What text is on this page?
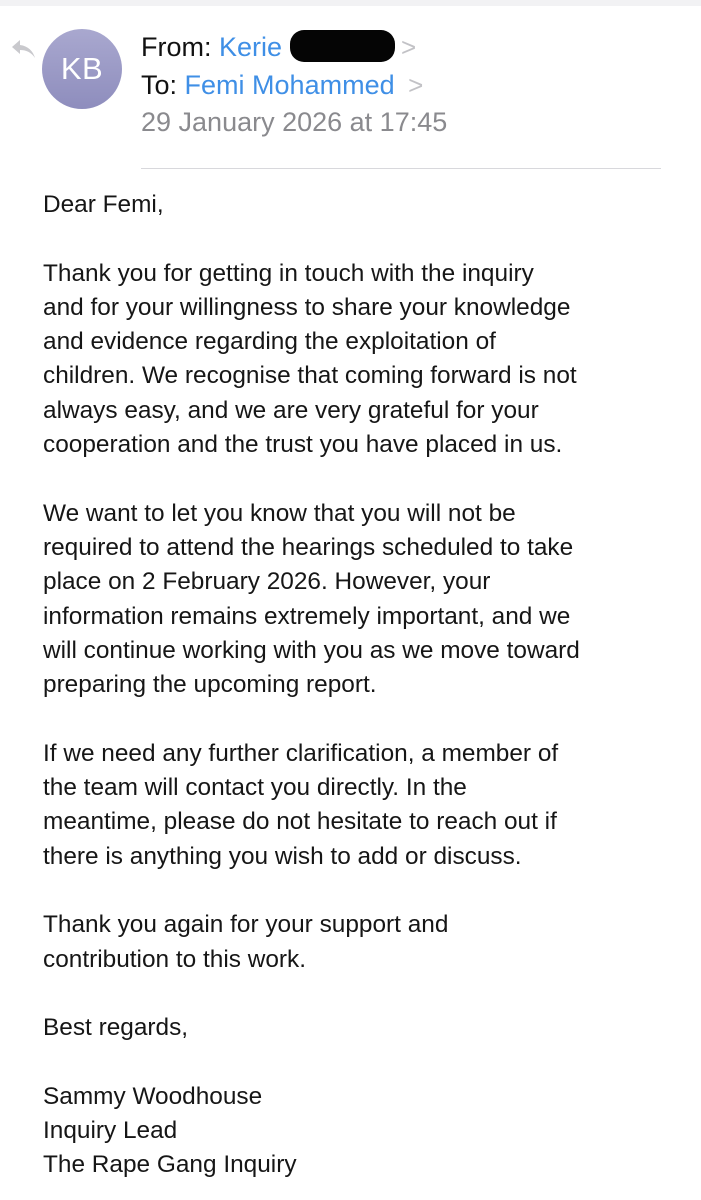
KB
From: Kerie	>
To: Femi Mohammed >
29 January 2026 at 17:45

Dear Femi,

Thank you for getting in touch with the inquiry
and for your willingness to share your knowledge
and evidence regarding the exploitation of
children. We recognise that coming forward is not
always easy, and we are very grateful for your
cooperation and the trust you have placed in us.

We want to let you know that you will not be
required to attend the hearings scheduled to take
place on 2 February 2026. However, your
information remains extremely important, and we
will continue working with you as we move toward
preparing the upcoming report.

If we need any further clarification, a member of
the team will contact you directly. In the
meantime, please do not hesitate to reach out if
there is anything you wish to add or discuss.

Thank you again for your support and
contribution to this work.

Best regards,

Sammy Woodhouse

Inquiry Lead

The Rape Gang Inquiry
